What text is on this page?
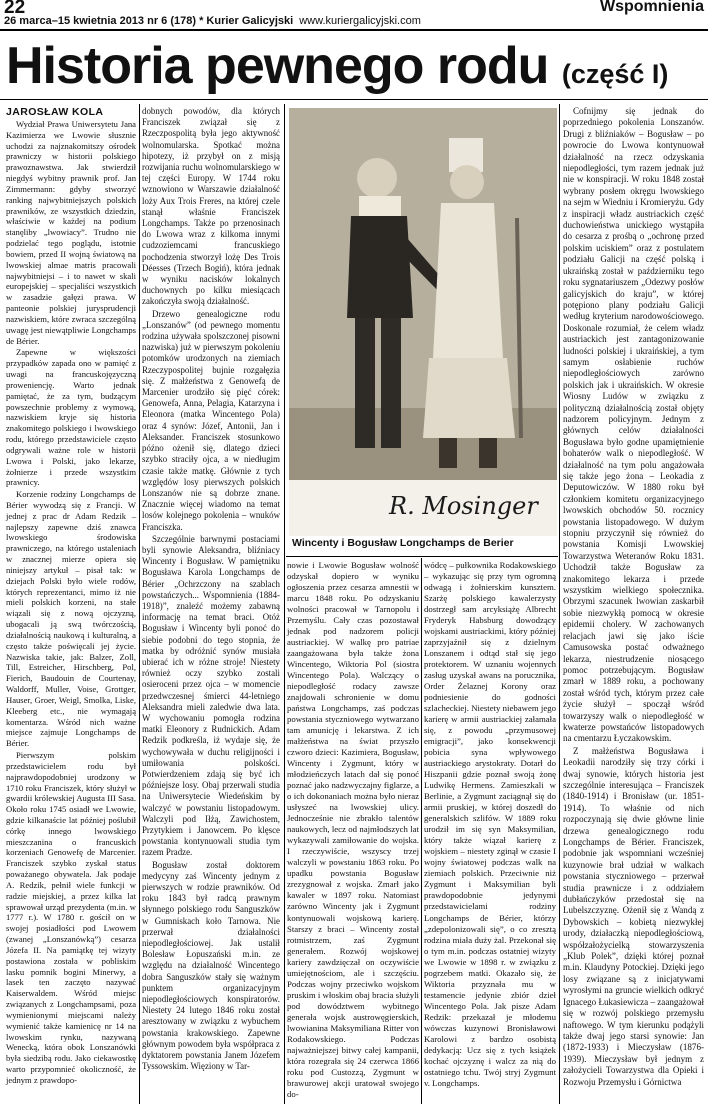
22
26 marca–15 kwietnia 2013 nr 6 (178) * Kurier Galicyjski www.kuriergalicyjski.com
Wspomnienia
Historia pewnego rodu (część I)

JAROSŁAW KOLA

Wydział Prawa Uniwersytetu Jana Kazimierza we Lwowie słusznie uchodzi za najznakomitszy ośrodek prawniczy w historii polskiego prawoznawstwa. Jak stwierdził niegdyś wybitny prawnik prof. Jan Zimmermann: gdyby stworzyć ranking najwybitniejszych polskich prawników, ze wszystkich dziedzin, właściwie w każdej na podium stanęliby „lwowiacy”. Trudno nie podzielać tego poglądu, istotnie bowiem, przed II wojną światową na lwowskiej almae matris pracowali najwybitniejsi – i to nawet w skali europejskiej – specjaliści wszystkich w zasadzie gałęzi prawa. W panteonie polskiej jurysprudencji nazwiskiem, które zwraca szczególną uwagę jest niewątpliwie Longchamps de Bérier.

Zapewne w większości przypadków zapada ono w pamięć z uwagi na francuskojęzyczną proweniencję. Warto jednak pamiętać, że za tym, budzącym powszechnie problemy z wymową, nazwiskiem kryje się historia znakomitego polskiego i lwowskiego rodu, którego przedstawiciele często odgrywali ważne role w historii Lwowa i Polski, jako lekarze, żołnierze i przede wszystkim prawnicy.

Korzenie rodziny Longchamps de Bérier wywodzą się z Francji. W jednej z prac dr Adam Redzik – najlepszy zapewne dziś znawca lwowskiego środowiska prawniczego, na którego ustaleniach w znacznej mierze opiera się niniejszy artykuł – pisał tak: w dziejach Polski było wiele rodów, których reprezentanci, mimo iż nie mieli polskich korzeni, na stałe wiązali się z nową ojczyzną, ubogacali ją swą twórczością, działalnością naukową i kulturalną, a często także poświęcali jej życie. Nazwiska takie, jak: Balzer, Zoll, Till, Estreicher, Hirschberg, Pol, Fierich, Baudouin de Courtenay, Waldorff, Muller, Voise, Grottger, Hauser, Groer, Weigl, Smolka, Liske, Kleeberg etc., nie wymagają komentarza. Wśród nich ważne miejsce zajmuje Longchamps de Bérier.

Pierwszym polskim przedstawicielem rodu był najprawdopodobniej urodzony w 1710 roku Franciszek, który służył w gwardii królewskiej Augusta III Sasa. Około roku 1745 osiadł we Lwowie, gdzie kilkanaście lat później poślubił córkę innego lwowskiego mieszczanina o francuskich korzeniach Genowefę de Marcenier. Franciszek szybko zyskał status poważanego obywatela. Jak podaje A. Redzik, pełnił wiele funkcji w radzie miejskiej, a przez kilka lat sprawował urząd prezydenta (m.in. w 1777 r.). W 1780 r. gościł on w swojej posiadłości pod Lwowem (zwanej „Lonszanówką”) cesarza Józefa II. Na pamiątkę tej wizyty postawiona została w pobliskim lasku pomnik bogini Minerwy, a lasek ten zaczęto nazywać Kaiserwaldem. Wśród miejsc związanych z Longchampsami, poza wymienionymi miejscami należy wymienić także kamienicę nr 14 na lwowskim rynku, nazywaną Wenecką, która obok Lonszanówki była siedzibą rodu. Jako ciekawostkę warto przypomnieć okoliczność, że jednym z prawdopo-

dobnych powodów, dla których Franciszek związał się z Rzeczpospolitą była jego aktywność wolnomularska. Spotkać można hipotezy, iż przybył on z misją rozwijania ruchu wolnomularskiego w tej części Europy. W 1744 roku wznowiono w Warszawie działalność loży Aux Trois Freres, na której czele stanął właśnie Franciszek Longchamps. Także po przenosinach do Lwowa wraz z kilkoma innymi cudzoziemcami francuskiego pochodzenia stworzył lożę Des Trois Déesses (Trzech Bogiń), która jednak w wyniku nacisków lokalnych duchownych po kilku miesiącach zakończyła swoją działalność.

Drzewo genealogiczne rodu „Lonszanów” (od pewnego momentu rodzina używała spolszczonej pisowni nazwiska) już w pierwszym pokoleniu potomków urodzonych na ziemiach Rzeczypospolitej bujnie rozgałęzia się. Z małżeństwa z Genowefą de Marcenier urodziło się pięć córek: Genowefa, Anna, Pelagia, Katarzyna i Eleonora (matka Wincentego Pola) oraz 4 synów: Józef, Antonii, Jan i Aleksander. Franciszek stosunkowo późno ożenił się, dlatego dzieci szybko straciły ojca, a w niedługim czasie także matkę. Głównie z tych względów losy pierwszych polskich Lonszanów nie są dobrze znane. Znacznie więcej wiadomo na temat losów kolejnego pokolenia – wnuków Franciszka.

Szczególnie barwnymi postaciami byli synowie Aleksandra, bliźniacy Wincenty i Bogusław. W pamiętniku Bogusława Karola Longchamps de Bérier „Ochrzczony na szablach powstańczych... Wspomnienia (1884-1918)”, znaleźć możemy zabawną informację na temat braci. Otóż Bogusław i Wincenty byli ponoć do siebie podobni do tego stopnia, że matka by odróżnić synów musiała ubierać ich w różne stroje! Niestety również oczy szybko zostali osieroceni przez ojca – w momencie przedwczesnej śmierci 44-letniego Aleksandra mieli zaledwie dwa lata. W wychowaniu pomogła rodzina matki Eleonory z Rudnickich. Adam Redzik podkreśla, iż wydaje się, że wychowywała w duchu religijności i umiłowania polskości. Potwierdzeniem zdają się być ich późniejsze losy. Obaj przerwali studia na Uniwersytecie Wiedeńskim by walczyć w powstaniu listopadowym. Walczyli pod Iłżą, Zawichostem, Przytykiem i Janowcem. Po klęsce powstania kontynuowali studia tym razem Pradze.

Bogusław został doktorem medycyny zaś Wincenty jednym z pierwszych w rodzie prawników. Od roku 1843 był radcą prawnym słynnego polskiego rodu Sanguszków w Gumniskach koło Tarnowa. Nie przerwał działalności niepodległościowej. Jak ustalił Bolesław Łopuszański m.in. ze względu na działalność Wincentego dobra Sanguszków stały się ważnym punktem organizacyjnym niepodległościowych konspiratorów. Niestety 24 lutego 1846 roku został aresztowany w związku z wybuchem powstania krakowskiego. Zapewne głównym powodem była współpraca z dyktatorem powstania Janem Józefem Tyssowskim. Więziony w Tar-

R. Mosinger
Wincenty i Bogusław Longchamps de Berier

nowie i Lwowie Bogusław wolność odzyskał dopiero w wyniku ogłoszenia przez cesarza amnestii w marcu 1848 roku. Po odzyskaniu wolności pracował w Tarnopolu i Przemyślu. Cały czas pozostawał jednak pod nadzorem policji austriackiej. W walkę pro patriae zaangażowana była także żona Wincentego, Wiktoria Pol (siostra Wincentego Pola). Walczący o niepodległość rodacy zawsze znajdowali schronienie w domu państwa Longchamps, zaś podczas powstania styczniowego wytwarzano tam amunicję i lekarstwa. Z ich małżeństwa na świat przyszło czworo dzieci: Kazimiera, Bogusław, Wincenty i Zygmunt, który w młodzieńczych latach dał się ponoć poznać jako nadzwyczajny figlarze, a o ich dokonaniach można było nieraz usłyszeć na lwowskiej ulicy. Jednocześnie nie zbrakło talentów naukowych, lecz od najmłodszych lat wykazywali zamiłowanie do wojska. I rzeczywiście, wszyscy trzej walczyli w powstaniu 1863 roku. Po upadku powstania Bogusław zrezygnował z wojska. Zmarł jako kawaler w 1897 roku. Natomiast zarówno Wincenty jak i Zygmunt kontynuowali wojskową karierę. Starszy z braci – Wincenty został rotmistrzem, zaś Zygmunt generałem. Rozwój wojskowej kariery zawdzięczał on oczywiście umiejętnościom, ale i szczęściu. Podczas wojny przeciwko wojskom pruskim i włoskim obaj bracia służyli pod dowództwem wybitnego generała wojsk austrowęgierskich, lwowianina Maksymiliana Ritter von Rodakowskiego. Podczas najważniejszej bitwy całej kampanii, która rozegrała się 24 czerwca 1866 roku pod Custozzą, Zygmunt w brawurowej akcji uratował swojego do-

wódcę – pułkownika Rodakowskiego – wykazując się przy tym ogromną odwagą i żołnierskim kunsztem. Szarżę polskiego kawalerzysty dostrzegł sam arcyksiążę Albrecht Fryderyk Habsburg dowodzący wojskami austriackimi, który później zaprzyjaźnił się z dzielnym Lonszanem i odtąd stał się jego protektorem. W uznaniu wojennych zasług uzyskał awans na porucznika, Order Żelaznej Korony oraz podniesienie do godności szlacheckiej. Niestety niebawem jego karierę w armii austriackiej załamała się, z powodu „przymusowej emigracji”, jako konsekwencji pobicia syna wpływowego austriackiego arystokraty. Dotarł do Hiszpanii gdzie poznał swoją żonę Ludwikę Hermens. Zamieszkali w Berlinie, a Zygmunt zaciągnął się do armii pruskiej, w której doszedł do generalskich szlifów. W 1889 roku urodził im się syn Maksymilian, który także wiązał karierę z wojskiem – niestety zginął w czasie I wojny światowej podczas walk na ziemiach polskich. Przeciwnie niż Zygmunt i Maksymilian byli prawdopodobnie jedynymi przedstawicielami rodziny Longchamps de Bérier, którzy „zdepolonizowali się”, o co zresztą rodzina miała duży żal. Przekonał się o tym m.in. podczas ostatniej wizyty we Lwowie w 1898 r. w związku z pogrzebem matki. Okazało się, że Wiktoria przyznała mu w testamencie jedynie zbiór dzieł Wincentego Pola. Jak pisze Adam Redzik: przekazał je młodemu wówczas kuzynowi Bronisławowi Karolowi z bardzo osobistą dedykacją: Ucz się z tych książek kochać ojczyznę i walcz za nią do ostatniego tchu. Twój stryj Zygmunt v. Longchamps.

Cofnijmy się jednak do poprzedniego pokolenia Lonszanów. Drugi z bliźniaków – Bogusław – po powrocie do Lwowa kontynuował działalność na rzecz odzyskania niepodległości, tym razem jednak już nie w konspiracji. W roku 1848 został wybrany posłem okręgu lwowskiego na sejm w Wiedniu i Kromieryżu. Gdy z inspiracji władz austriackich część duchowieństwa unickiego wystąpiła do cesarza z prośbą o „ochronę przed polskim uciskiem” oraz z postulatem podziału Galicji na część polską i ukraińską został w październiku tego roku sygnatariuszem „Odezwy posłów galicyjskich do kraju”, w której potępiono plany podziału Galicji według kryterium narodowościowego. Doskonale rozumiał, że celem władz austriackich jest zantagonizowanie ludności polskiej i ukraińskiej, a tym samym osłabienie ruchów niepodległościowych zarówno polskich jak i ukraińskich. W okresie Wiosny Ludów w związku z polityczną działalnością został objęty nadzorem policyjnym. Jednym z głównych celów działalności Bogusława było godne upamiętnienie bohaterów walk o niepodległość. W działalność na tym polu angażowała się także jego żona – Leokadia z Deputowiczów. W 1880 roku był członkiem komitetu organizacyjnego lwowskich obchodów 50. rocznicy powstania listopadowego. W dużym stopniu przyczynił się również do powstania Komisji Lwowskiej Towarzystwa Weteranów Roku 1831. Uchodził także Bogusław za znakomitego lekarza i przede wszystkim wielkiego społecznika. Obrzymi szacunek lwowian zaskarbił sobie niezwykłą pomocą w okresie epidemii cholery. W zachowanych relacjach jawi się jako iście Camusowska postać odważnego lekarza, niestrudzenie niosącego pomoc potrzebującym. Bogusław zmarł w 1889 roku, a pochowany został wśród tych, którym przez całe życie służył – spoczął wśród towarzyszy walk o niepodległość w kwaterze powstańców listopadowych na cmentarzu Łyczakowskim.

Z małżeństwa Bogusława i Leokadii narodziły się trzy córki i dwaj synowie, których historia jest szczególnie interesująca – Franciszek (1840-1914) i Bronisław (ur. 1851-1914). To właśnie od nich rozpoczynają się dwie główne linie drzewa genealogicznego rodu Longchamps de Bérier. Franciszek, podobnie jak wspomniani wcześniej kuzynowie brał udział w walkach powstania styczniowego – przerwał studia prawnicze i z oddziałem dubłańczyków przedostał się na Lubelszczyznę. Ożenił się z Wandą z Dybowskich – kobietą niezwykłej urody, działaczką niepodległościową, współzałożycielką stowarzyszenia „Klub Polek”, dzięki której poznał m.in. Klaudyny Potockiej. Dzięki jego losy związane są z inicjatywami wyrosłymi na gruncie wielkich odkryć Ignacego Łukasiewicza – zaangażował się w rozwój polskiego przemysłu naftowego. W tym kierunku podążyli także dwaj jego starsi synowie: Jan (1872-1933) i Mieczysław (1876-1939). Mieczysław był jednym z założycieli Towarzystwa dla Opieki i Rozwoju Przemysłu i Górnictwa
